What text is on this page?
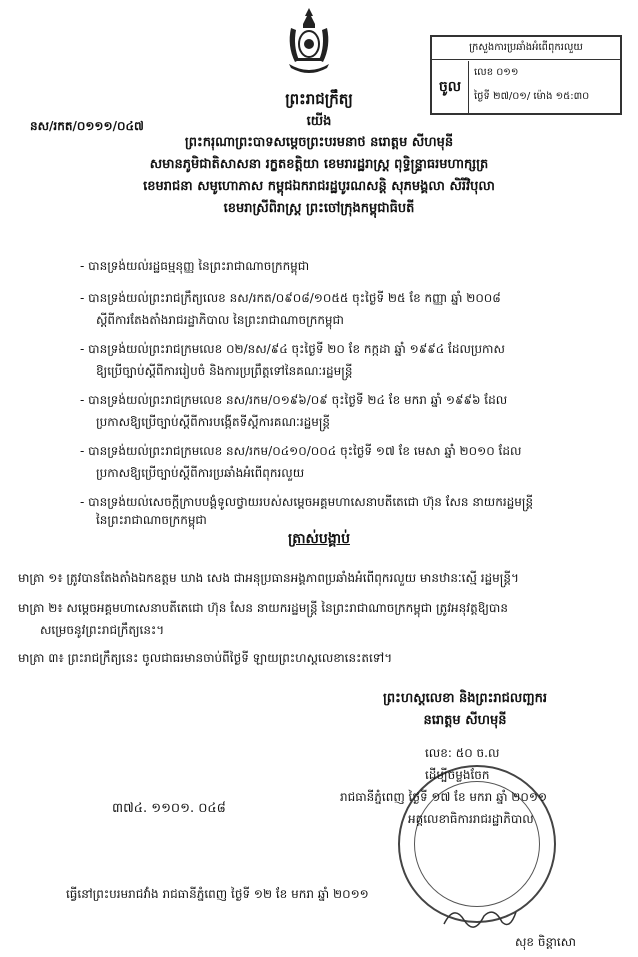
ក្រសួងការប្រឆាំងអំពើពុករលួយ
ចូល
លេខ ០១១
ថ្ងៃទី ២៧/០១/ ម៉ោង ១៥:៣០
ព្រះរាជក្រឹត្យ
នស/រកត/០១១១/០៤៧	យើង
ព្រះករុណាព្រះបាទសម្តេចព្រះបរមនាថ នរោត្តម សីហមុនី
សមានភូមិជាតិសាសនា រក្ខតខត្តិយា ខេមរារដ្ឋរាស្ត្រ ពុទ្ធិន្ទ្រាធរមហាក្សត្រ
ខេមរាជនា សមូហោភាស កម្ពុជឯករាជរដ្ឋបូរណសន្តិ សុភមង្គលា សិរីវិបុលា
ខេមរាស្រីពិរាស្ត្រ ព្រះចៅក្រុងកម្ពុជាធិបតី
- បានទ្រង់យល់រដ្ឋធម្មនុញ្ញ នៃព្រះរាជាណាចក្រកម្ពុជា
- បានទ្រង់យល់ព្រះរាជក្រឹត្យលេខ នស/រកត/០៩០៨/១០៥៥ ចុះថ្ងៃទី ២៥ ខែ កញ្ញា ឆ្នាំ ២០០៨
ស្តីពីការតែងតាំងរាជរដ្ឋាភិបាល នៃព្រះរាជាណាចក្រកម្ពុជា
- បានទ្រង់យល់ព្រះរាជក្រមលេខ ០២/នស/៩៤ ចុះថ្ងៃទី ២០ ខែ កក្កដា ឆ្នាំ ១៩៩៤ ដែលប្រកាស
ឱ្យប្រើច្បាប់ស្តីពីការរៀបចំ និងការប្រព្រឹត្តទៅនៃគណៈរដ្ឋមន្ត្រី
- បានទ្រង់យល់ព្រះរាជក្រមលេខ នស/រកម/០១៩៦/០៩ ចុះថ្ងៃទី ២៤ ខែ មករា ឆ្នាំ ១៩៩៦ ដែល
ប្រកាសឱ្យប្រើច្បាប់ស្តីពីការបង្កើតទីស្តីការគណៈរដ្ឋមន្ត្រី
- បានទ្រង់យល់ព្រះរាជក្រមលេខ នស/រកម/០៤១០/០០៤ ចុះថ្ងៃទី ១៧ ខែ មេសា ឆ្នាំ ២០១០ ដែល
ប្រកាសឱ្យប្រើច្បាប់ស្តីពីការប្រឆាំងអំពើពុករលួយ
- បានទ្រង់យល់សេចក្តីក្រាបបង្គំទូលថ្វាយរបស់សម្តេចអគ្គមហាសេនាបតីតេជោ ហ៊ុន សែន នាយករដ្ឋមន្ត្រី
នៃព្រះរាជាណាចក្រកម្ពុជា
ត្រាស់បង្គាប់
មាត្រា ១៖ ត្រូវបានតែងតាំងឯកឧត្តម ឃាង សេង ជាអនុប្រធានអង្គភាពប្រឆាំងអំពើពុករលួយ មានឋានៈស្មើ រដ្ឋមន្ត្រី។
មាត្រា ២៖ សម្តេចអគ្គមហាសេនាបតីតេជោ ហ៊ុន សែន នាយករដ្ឋមន្ត្រី នៃព្រះរាជាណាចក្រកម្ពុជា ត្រូវអនុវត្តឱ្យបាន
សម្រេចនូវព្រះរាជក្រឹត្យនេះ។
មាត្រា ៣៖ ព្រះរាជក្រឹត្យនេះ ចូលជាធរមានចាប់ពីថ្ងៃទី ឡាយព្រះហស្តលេខានេះតទៅ។
ព្រះហស្តលេខា និងព្រះរាជលញ្ឆករ
នរោត្តម សីហមុនី
លេខ: ៥០ ច.ល
ដើម្បីចម្លងចែក
រាជធានីភ្នំពេញ ថ្ងៃទី ១៧ ខែ មករា ឆ្នាំ ២០១១
អគ្គលេខាធិការរាជរដ្ឋាភិបាល
៣៧៤. ១១០១. ០៤៨
ធ្វើនៅព្រះបរមរាជវាំង រាជធានីភ្នំពេញ ថ្ងៃទី ១២ ខែ មករា ឆ្នាំ ២០១១
សុខ ចិន្តាសោ
